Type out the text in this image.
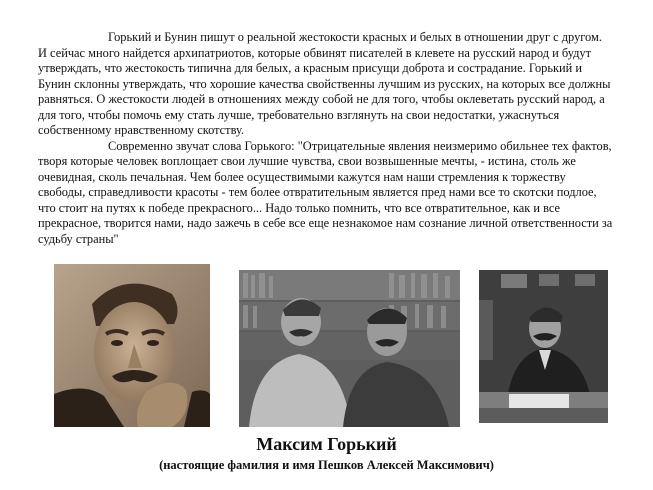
Горький и Бунин пишут о реальной жестокости красных и белых в отношении друг с другом. И сейчас много найдется архипатриотов, которые обвинят писателей в клевете на русский народ и будут утверждать, что жестокость типична для белых, а красным присущи доброта и сострадание. Горький и Бунин склонны утверждать, что хорошие качества свойственны лучшим из русских, на которых все должны равняться. О жестокости людей в отношениях между собой не для того, чтобы оклеветать русский народ, а для того, чтобы помочь ему стать лучше, требовательно взглянуть на свои недостатки, ужаснуться собственному нравственному скотству.

Современно звучат слова Горького: "Отрицательные явления неизмеримо обильнее тех фактов, творя которые человек воплощает свои лучшие чувства, свои возвышенные мечты, - истина, столь же очевидная, сколь печальная. Чем более осуществимыми кажутся нам наши стремления к торжеству свободы, справедливости красоты - тем более отвратительным является пред нами все то скотски подлое, что стоит на путях к победе прекрасного... Надо только помнить, что все отвратительное, как и все прекрасное, творится нами, надо зажечь в себе все еще незнакомое нам сознание личной ответственности за судьбу страны"

Максим Горький
(настоящие фамилия и имя Пешков Алексей Максимович)
